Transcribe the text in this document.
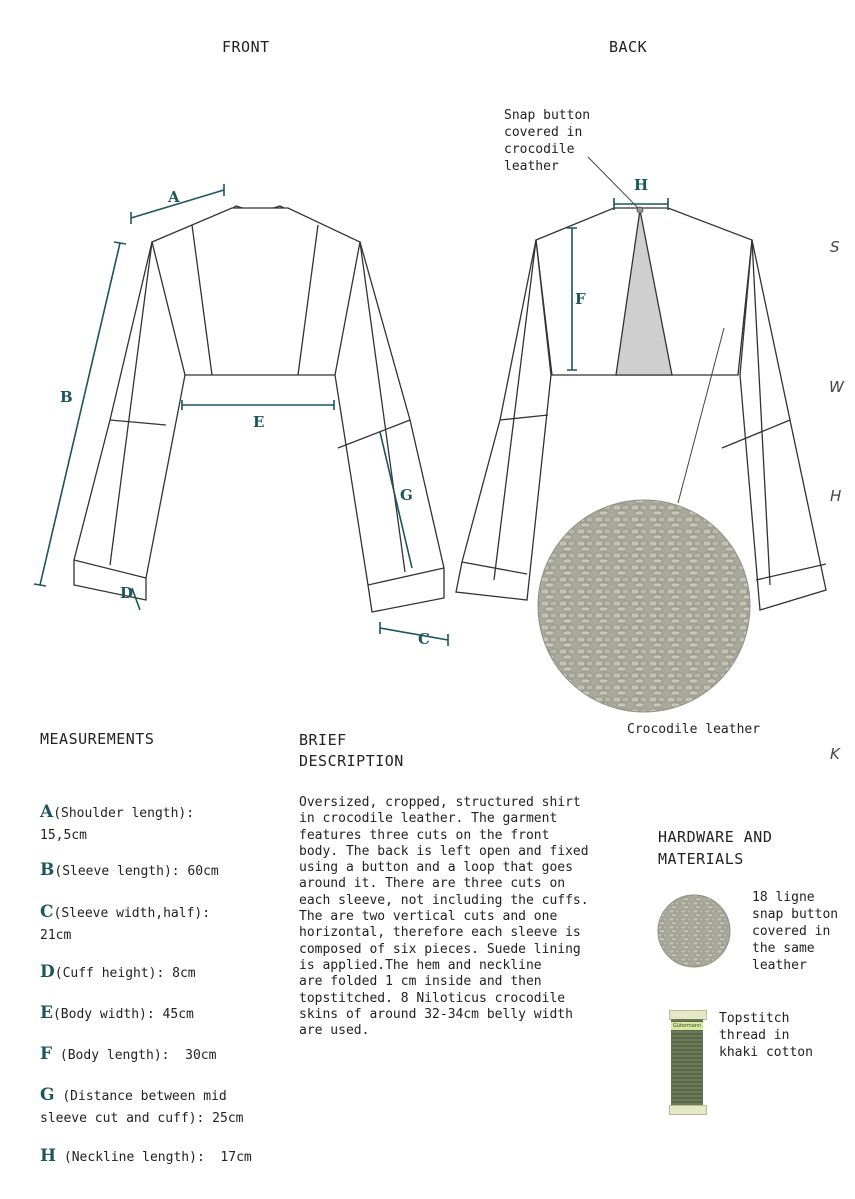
FRONT	BACK
Snap button
covered in
crocodile
leather
S
W
H
K
A
B
E
G
C
D
H
F
Crocodile leather
MEASUREMENTS
A(Shoulder length):
15,5cm
B(Sleeve length): 60cm
C(Sleeve width,half):
21cm
D(Cuff height): 8cm
E(Body width): 45cm
F (Body length):  30cm
G (Distance between mid
sleeve cut and cuff): 25cm
H (Neckline length):  17cm
BRIEF
DESCRIPTION
Oversized, cropped, structured shirt
in crocodile leather. The garment
features three cuts on the front
body. The back is left open and fixed
using a button and a loop that goes
around it. There are three cuts on
each sleeve, not including the cuffs.
The are two vertical cuts and one
horizontal, therefore each sleeve is
composed of six pieces. Suede lining
is applied.The hem and neckline
are folded 1 cm inside and then
topstitched. 8 Niloticus crocodile
skins of around 32-34cm belly width
are used.
HARDWARE AND
MATERIALS
18 ligne
snap button
covered in
the same
leather
Gütermann Topstitch
thread in
khaki cotton
